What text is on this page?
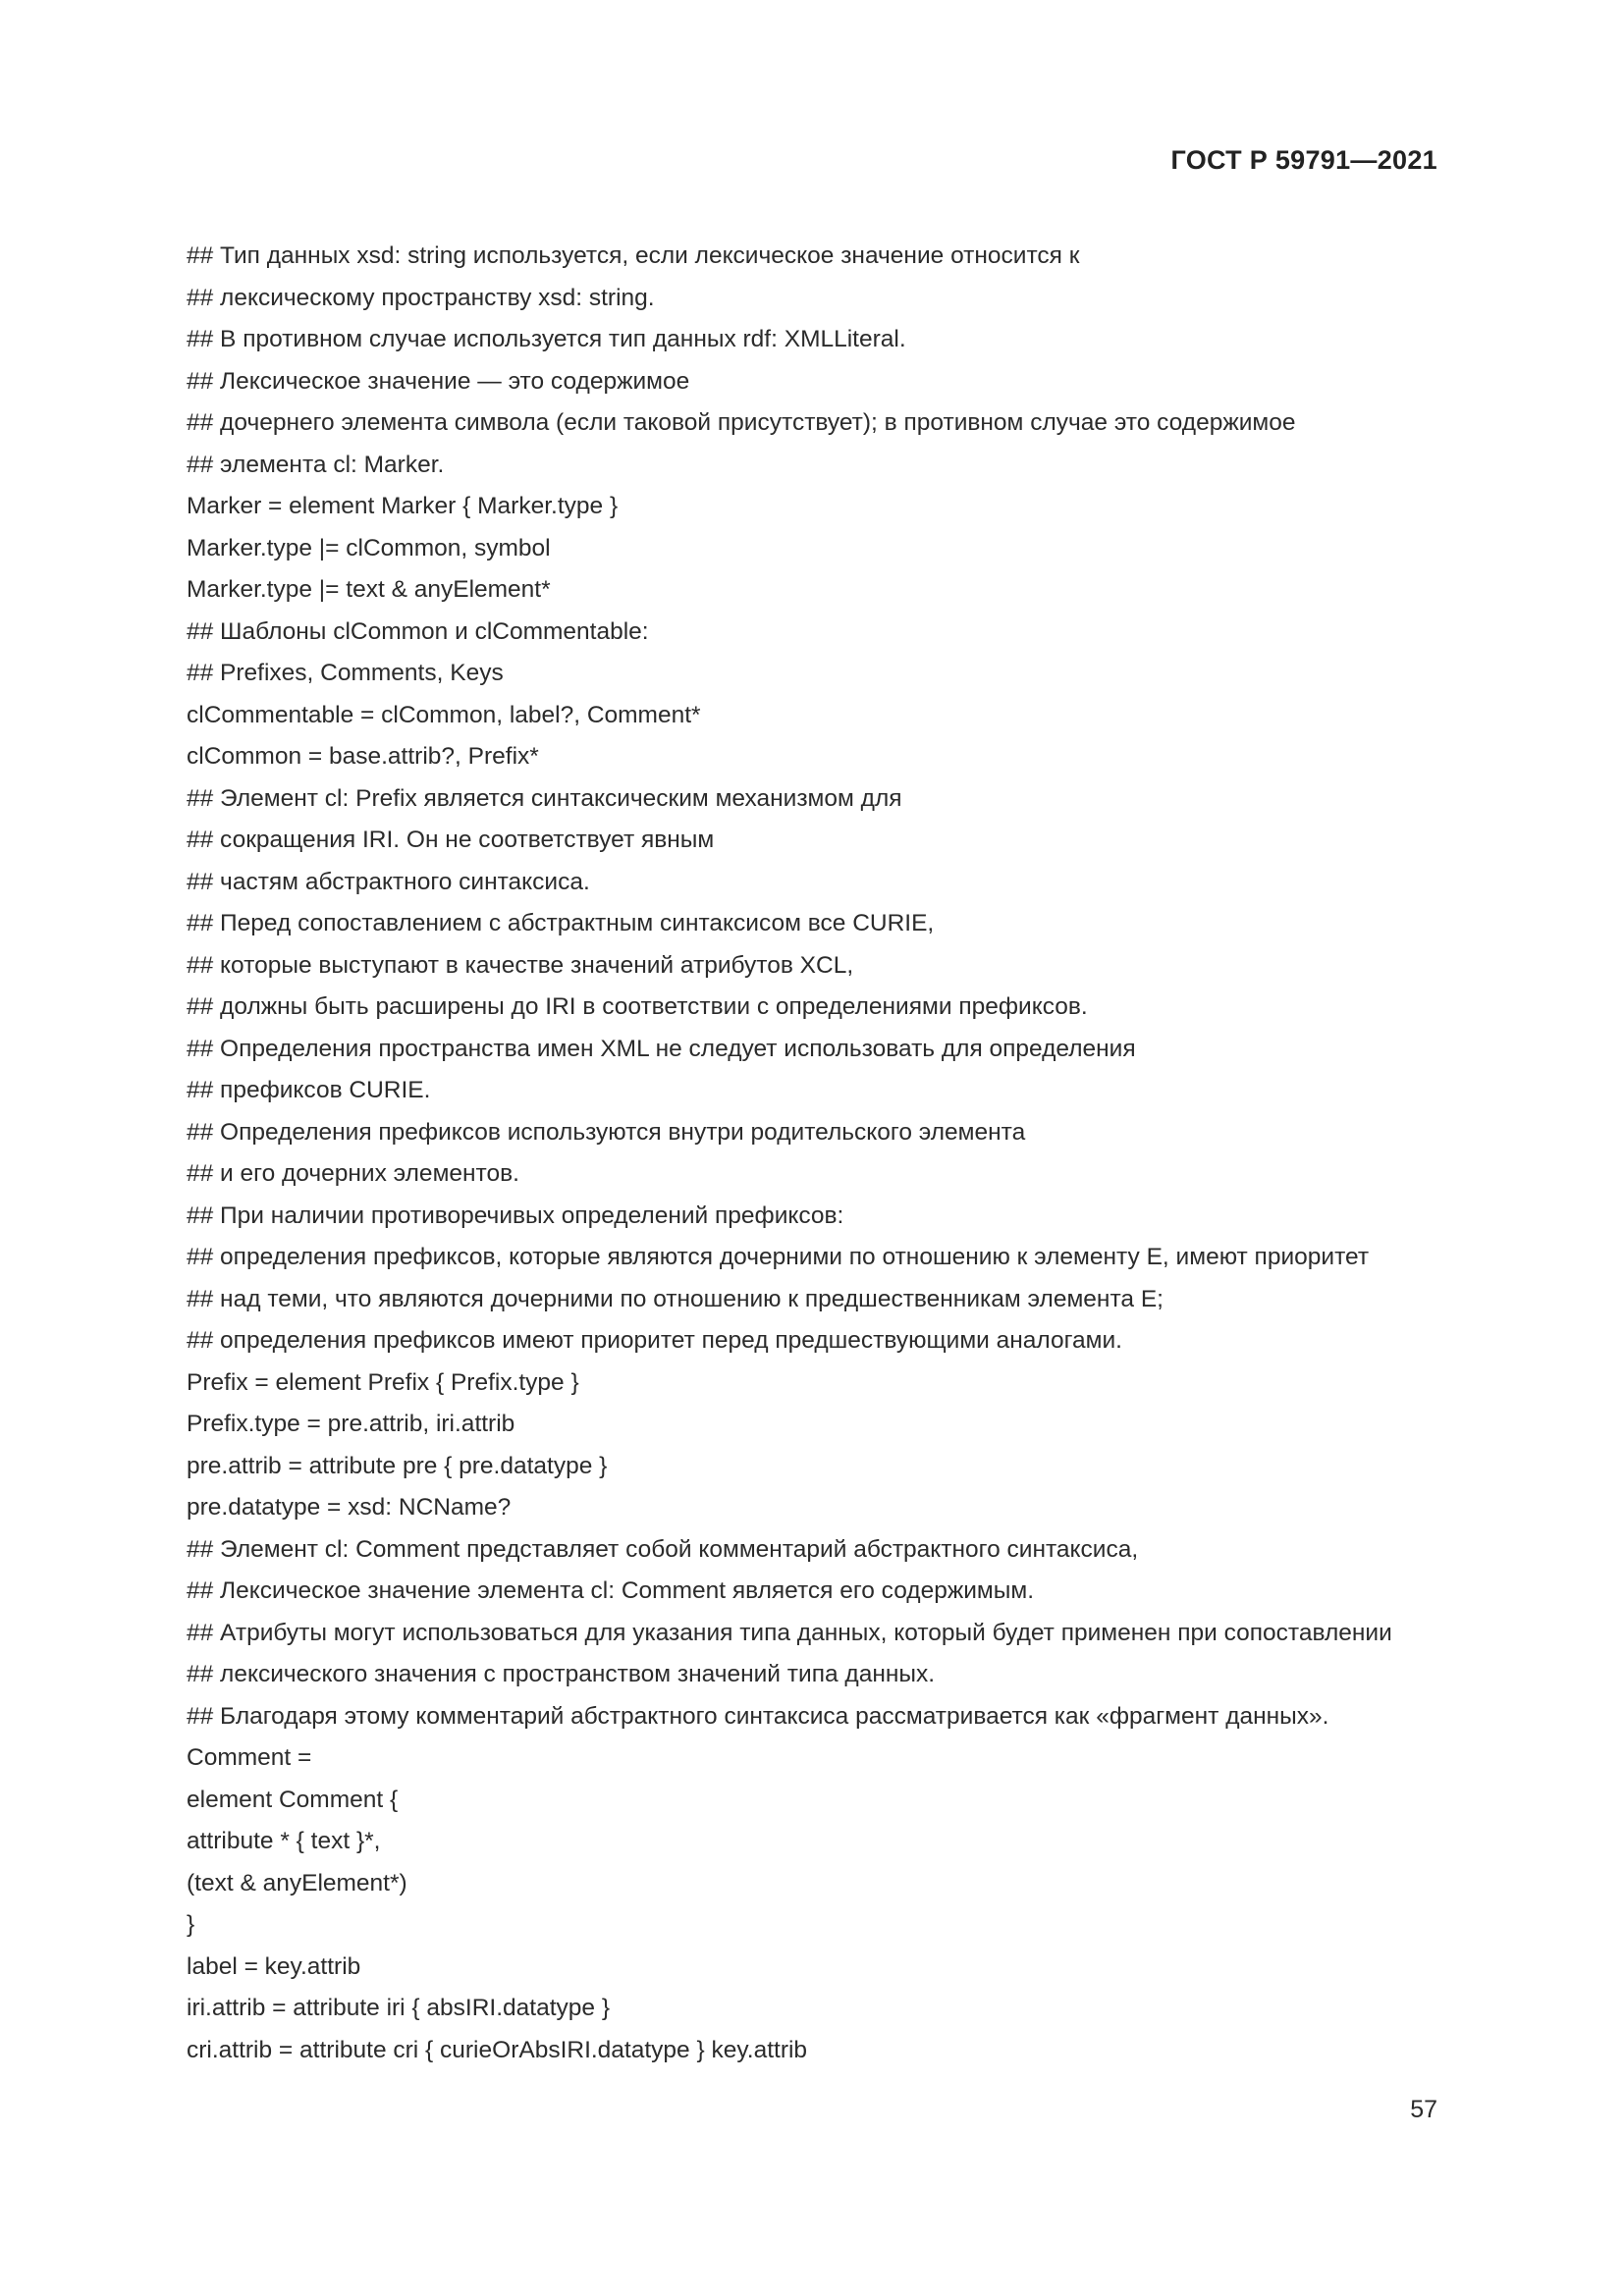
ГОСТ Р 59791—2021
## Тип данных xsd: string используется, если лексическое значение относится к
## лексическому пространству xsd: string.
## В противном случае используется тип данных rdf: XMLLiteral.
## Лексическое значение — это содержимое
## дочернего элемента символа (если таковой присутствует); в противном случае это содержимое
## элемента cl: Marker.
Marker = element Marker { Marker.type }
Marker.type |= clCommon, symbol
Marker.type |= text & anyElement*
## Шаблоны clCommon и clCommentable:
## Prefixes, Comments, Keys
clCommentable = clCommon, label?, Comment*
clCommon = base.attrib?, Prefix*
## Элемент cl: Prefix является синтаксическим механизмом для
## сокращения IRI. Он не соответствует явным
## частям абстрактного синтаксиса.
## Перед сопоставлением с абстрактным синтаксисом все CURIE,
## которые выступают в качестве значений атрибутов XCL,
## должны быть расширены до IRI в соответствии с определениями префиксов.
## Определения пространства имен XML не следует использовать для определения
## префиксов CURIE.
## Определения префиксов используются внутри родительского элемента
## и его дочерних элементов.
## При наличии противоречивых определений префиксов:
## определения префиксов, которые являются дочерними по отношению к элементу E, имеют приоритет
## над теми, что являются дочерними по отношению к предшественникам элемента E;
## определения префиксов имеют приоритет перед предшествующими аналогами.
Prefix = element Prefix { Prefix.type }
Prefix.type = pre.attrib, iri.attrib
pre.attrib = attribute pre { pre.datatype }
pre.datatype = xsd: NCName?
## Элемент cl: Comment представляет собой комментарий абстрактного синтаксиса,
## Лексическое значение элемента cl: Comment является его содержимым.
## Атрибуты могут использоваться для указания типа данных, который будет применен при сопоставлении
## лексического значения с пространством значений типа данных.
## Благодаря этому комментарий абстрактного синтаксиса рассматривается как «фрагмент данных».
Comment =
element Comment {
attribute * { text }*,
(text & anyElement*)
}
label = key.attrib
iri.attrib = attribute iri { absIRI.datatype }
cri.attrib = attribute cri { curieOrAbsIRI.datatype } key.attrib
57
